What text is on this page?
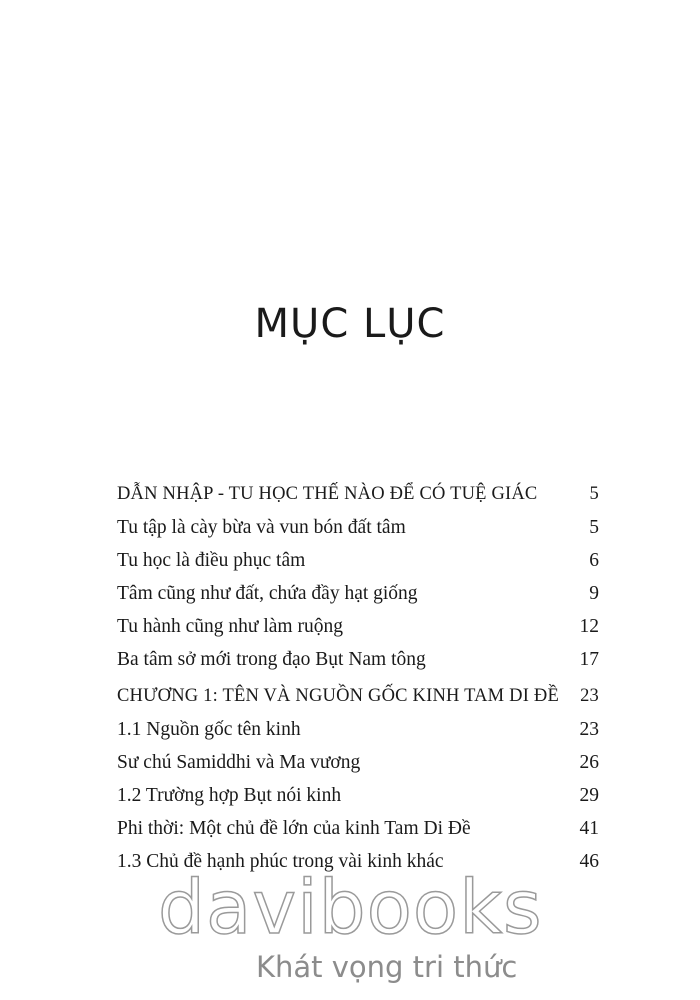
MỤC LỤC
DẪN NHẬP - TU HỌC THẾ NÀO ĐỂ CÓ TUỆ GIÁC	5
Tu tập là cày bừa và vun bón đất tâm	5
Tu học là điều phục tâm	6
Tâm cũng như đất, chứa đầy hạt giống	9
Tu hành cũng như làm ruộng	12
Ba tâm sở mới trong đạo Bụt Nam tông	17
CHƯƠNG 1: TÊN VÀ NGUỒN GỐC KINH TAM DI ĐỀ 23
1.1 Nguồn gốc tên kinh	23
Sư chú Samiddhi và Ma vương	26
1.2 Trường hợp Bụt nói kinh	29
Phi thời: Một chủ đề lớn của kinh Tam Di Đề	41
1.3 Chủ đề hạnh phúc trong vài kinh khác	46
davibooks
Khát vọng tri thức
